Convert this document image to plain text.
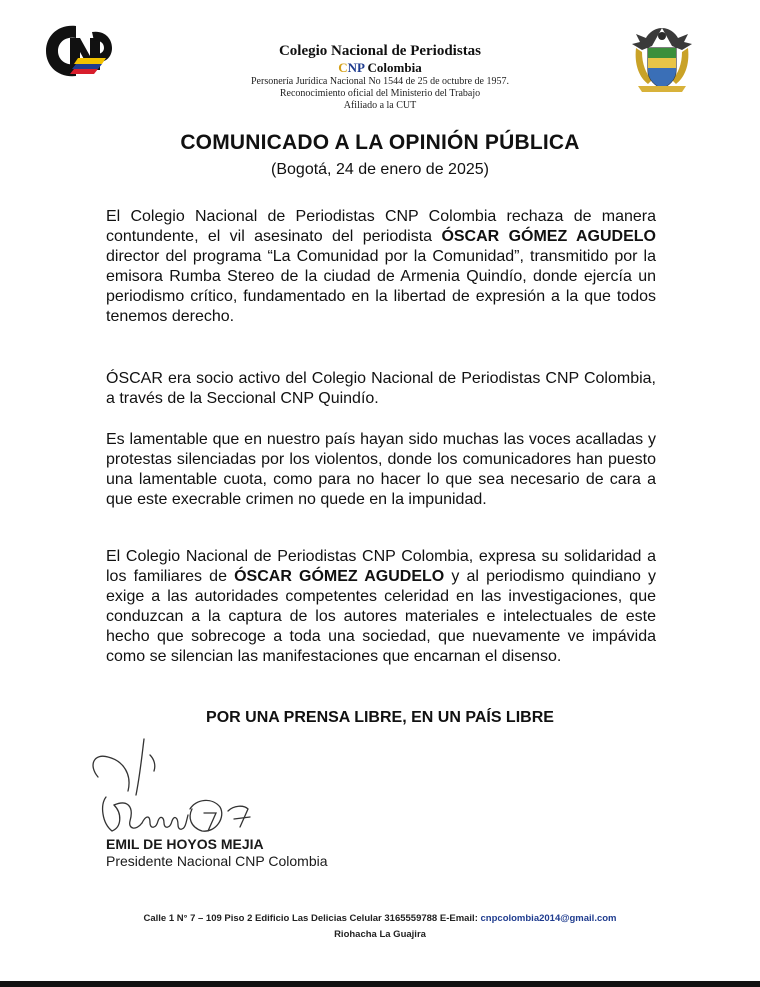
Colegio Nacional de Periodistas
CNP Colombia
Personería Jurídica Nacional No 1544 de 25 de octubre de 1957.
Reconocimiento oficial del Ministerio del Trabajo
Afiliado a la CUT
COMUNICADO A LA OPINIÓN PÚBLICA
(Bogotá, 24 de enero de 2025)
El Colegio Nacional de Periodistas CNP Colombia rechaza de manera contundente, el vil asesinato del periodista ÓSCAR GÓMEZ AGUDELO director del programa “La Comunidad por la Comunidad”, transmitido por la emisora Rumba Stereo de la ciudad de Armenia Quindío, donde ejercía un periodismo crítico, fundamentado en la libertad de expresión a la que todos tenemos derecho.
ÓSCAR era socio activo del Colegio Nacional de Periodistas CNP Colombia, a través de la Seccional CNP Quindío.
Es lamentable que en nuestro país hayan sido muchas las voces acalladas y protestas silenciadas por los violentos, donde los comunicadores han puesto una lamentable cuota, como para no hacer lo que sea necesario de cara a que este execrable crimen no quede en la impunidad.
El Colegio Nacional de Periodistas CNP Colombia, expresa su solidaridad a los familiares de ÓSCAR GÓMEZ AGUDELO y al periodismo quindiano y exige a las autoridades competentes celeridad en las investigaciones, que conduzcan a la captura de los autores materiales e intelectuales de este hecho que sobrecoge a toda una sociedad, que nuevamente ve impávida como se silencian las manifestaciones que encarnan el disenso.
POR UNA PRENSA LIBRE, EN UN PAÍS LIBRE
EMIL DE HOYOS MEJIA
Presidente Nacional CNP Colombia
Calle 1 N° 7 – 109 Piso 2 Edificio Las Delicias Celular 3165559788 E-Email: cnpcolombia2014@gmail.com
Riohacha La Guajira
